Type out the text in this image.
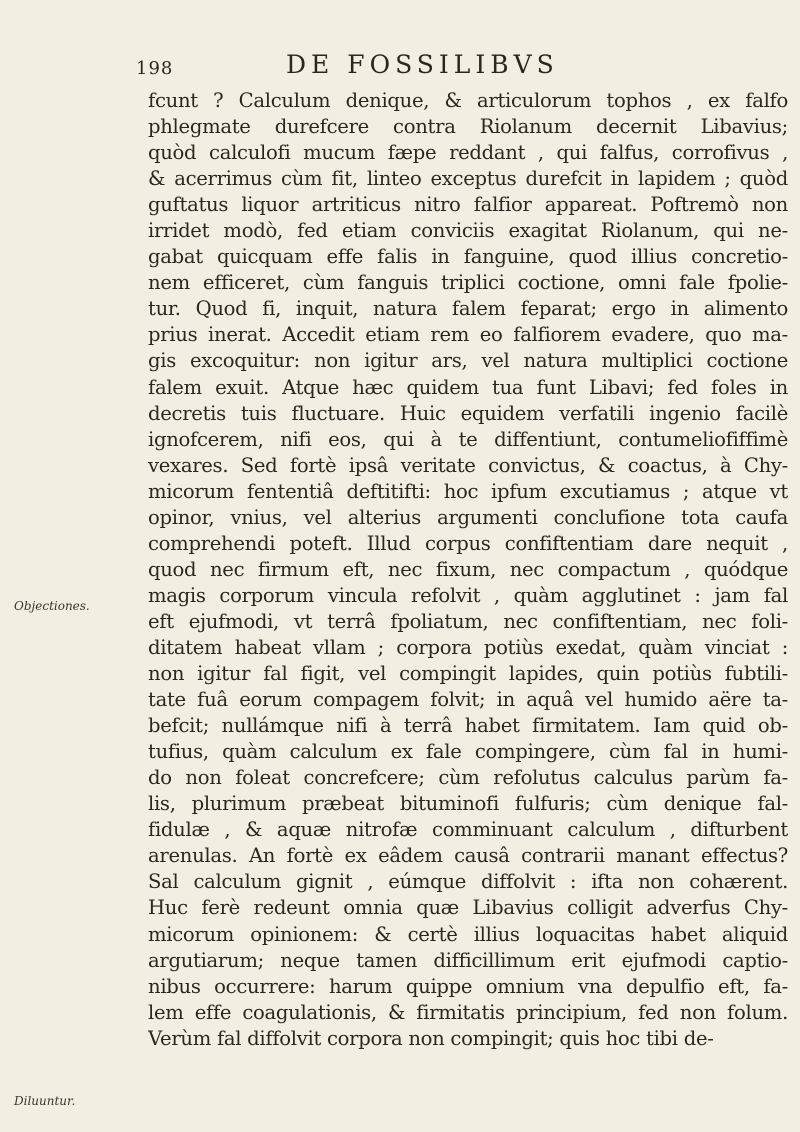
198	DE FOSSILIBVS
Objectiones.
Diluuntur.
fcunt ? Calculum denique, & articulorum tophos , ex falfo
phlegmate durefcere contra Riolanum decernit Libavius;
quòd calculofi mucum fæpe reddant , qui falfus, corrofivus ,
& acerrimus cùm fit, linteo exceptus durefcit in lapidem ; quòd
guftatus liquor artriticus nitro falfior appareat. Poftremò non
irridet modò, fed etiam conviciis exagitat Riolanum, qui ne-
gabat quicquam effe falis in fanguine, quod illius concretio-
nem efficeret, cùm fanguis triplici coctione, omni fale fpolie-
tur. Quod fi, inquit, natura falem feparat; ergo in alimento
prius inerat. Accedit etiam rem eo falfiorem evadere, quo ma-
gis excoquitur: non igitur ars, vel natura multiplici coctione
falem exuit. Atque hæc quidem tua funt Libavi; fed foles in
decretis tuis fluctuare. Huic equidem verfatili ingenio facilè
ignofcerem, nifi eos, qui à te diffentiunt, contumeliofiffimè
vexares. Sed fortè ipsâ veritate convictus, & coactus, à Chy-
micorum fententiâ deftitifti: hoc ipfum excutiamus ; atque vt
opinor, vnius, vel alterius argumenti conclufione tota caufa
comprehendi poteft. Illud corpus confiftentiam dare nequit ,
quod nec firmum eft, nec fixum, nec compactum , quódque
magis corporum vincula refolvit , quàm agglutinet : jam fal
eft ejufmodi, vt terrâ fpoliatum, nec confiftentiam, nec foli-
ditatem habeat vllam ; corpora potiùs exedat, quàm vinciat :
non igitur fal figit, vel compingit lapides, quin potiùs fubtili-
tate fuâ eorum compagem folvit; in aquâ vel humido aëre ta-
befcit; nullámque nifi à terrâ habet firmitatem. Iam quid ob-
tufius, quàm calculum ex fale compingere, cùm fal in humi-
do non foleat concrefcere; cùm refolutus calculus parùm fa-
lis, plurimum præbeat bituminofi fulfuris; cùm denique fal-
fidulæ , & aquæ nitrofæ comminuant calculum , difturbent
arenulas. An fortè ex eâdem causâ contrarii manant effectus?
Sal calculum gignit , eúmque diffolvit : ifta non cohærent.
Huc ferè redeunt omnia quæ Libavius colligit adverfus Chy-
micorum opinionem: & certè illius loquacitas habet aliquid
argutiarum; neque tamen difficillimum erit ejufmodi captio-
nibus occurrere: harum quippe omnium vna depulfio eft, fa-
lem effe coagulationis, & firmitatis principium, fed non folum.
Verùm fal diffolvit corpora non compingit; quis hoc tibi de-
